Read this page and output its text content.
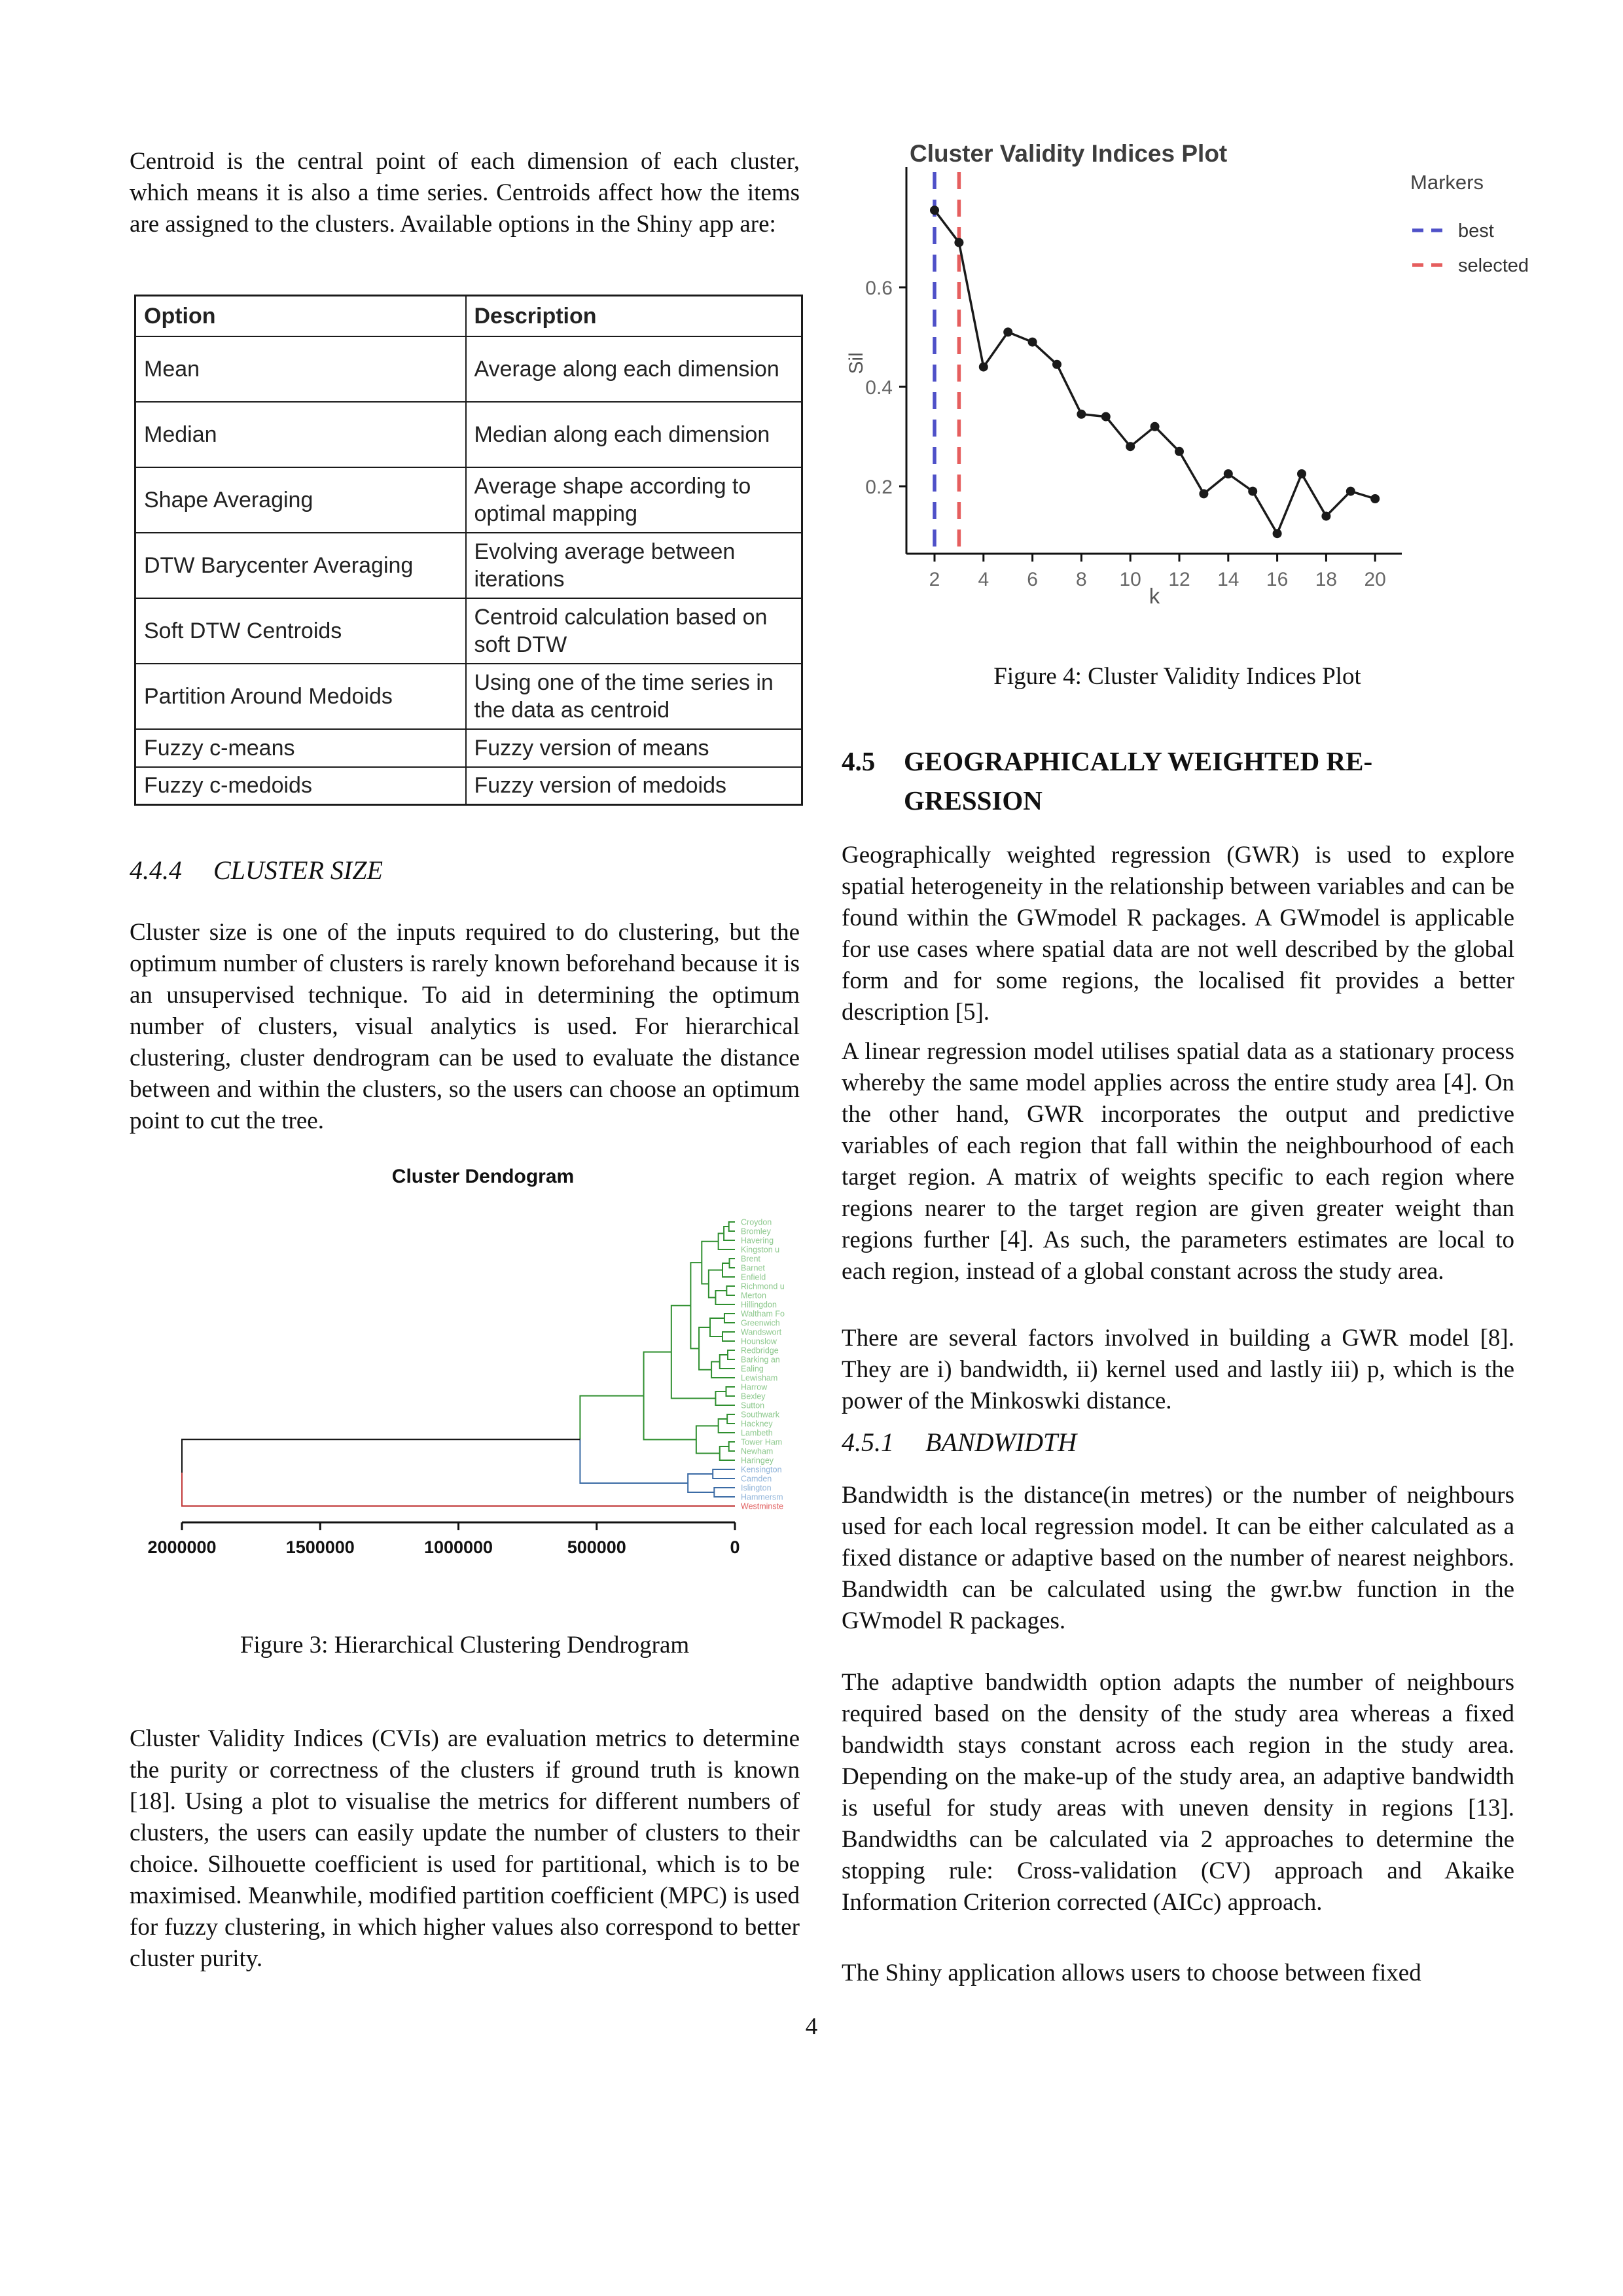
Centroid is the central point of each dimension of each cluster, which means it is also a time series. Centroids affect how the items are assigned to the clusters. Available options in the Shiny app are:

Option	Description
Mean	Average along each dimension
Median	Median along each dimension
Shape Averaging	Average shape according to optimal mapping
DTW Barycenter Averaging	Evolving average between iterations
Soft DTW Centroids	Centroid calculation based on soft DTW
Partition Around Medoids	Using one of the time series in the data as centroid
Fuzzy c-means	Fuzzy version of means
Fuzzy c-medoids	Fuzzy version of medoids
4.4.4 CLUSTER SIZE

Cluster size is one of the inputs required to do clustering, but the optimum number of clusters is rarely known beforehand because it is an unsupervised technique. To aid in determining the optimum number of clusters, visual analytics is used. For hierarchical clustering, cluster dendrogram can be used to evaluate the distance between and within the clusters, so the users can choose an optimum point to cut the tree.

Cluster Dendogram
Croydon
Bromley
Havering
Kingston u
Brent
Barnet
Enfield
Richmond u
Merton
Hillingdon
Waltham Fo
Greenwich
Wandswort
Hounslow
Redbridge
Barking an
Ealing
Lewisham
Harrow
Bexley
Sutton
Southwark
Hackney
Lambeth
Tower Ham
Newham
Haringey
Kensington
Camden
Islington
Hammersm
Westminste
2000000	1500000	1000000	500000	0
Figure 3: Hierarchical Clustering Dendrogram

Cluster Validity Indices (CVIs) are evaluation metrics to determine the purity or correctness of the clusters if ground truth is known [18]. Using a plot to visualise the metrics for different numbers of clusters, the users can easily update the number of clusters to their choice. Silhouette coefficient is used for partitional, which is to be maximised. Meanwhile, modified partition coefficient (MPC) is used for fuzzy clustering, in which higher values also correspond to better cluster purity.

Cluster Validity Indices Plot
0.2
0.4
0.6
2 4 6 8 10 12 14 16 18 20
k
Sil
Markers
best
selected
Figure 4: Cluster Validity Indices Plot
4.5	GEOGRAPHICALLY WEIGHTED RE-
GRESSION

Geographically weighted regression (GWR) is used to explore spatial heterogeneity in the relationship between variables and can be found within the GWmodel R packages. A GWmodel is applicable for use cases where spatial data are not well described by the global form and for some regions, the localised fit provides a better description [5].

A linear regression model utilises spatial data as a stationary process whereby the same model applies across the entire study area [4]. On the other hand, GWR incorporates the output and predictive variables of each region that fall within the neighbourhood of each target region. A matrix of weights specific to each region where regions nearer to the target region are given greater weight than regions further [4]. As such, the parameters estimates are local to each region, instead of a global constant across the study area.

There are several factors involved in building a GWR model [8]. They are i) bandwidth, ii) kernel used and lastly iii) p, which is the power of the Minkoswki distance.

4.5.1 BANDWIDTH

Bandwidth is the distance(in metres) or the number of neighbours used for each local regression model. It can be either calculated as a fixed distance or adaptive based on the number of nearest neighbors. Bandwidth can be calculated using the gwr.bw function in the GWmodel R packages.

The adaptive bandwidth option adapts the number of neighbours required based on the density of the study area whereas a fixed bandwidth stays constant across each region in the study area. Depending on the make-up of the study area, an adaptive bandwidth is useful for study areas with uneven density in regions [13]. Bandwidths can be calculated via 2 approaches to determine the stopping rule: Cross-validation (CV) approach and Akaike Information Criterion corrected (AICc) approach.

The Shiny application allows users to choose between fixed

4
